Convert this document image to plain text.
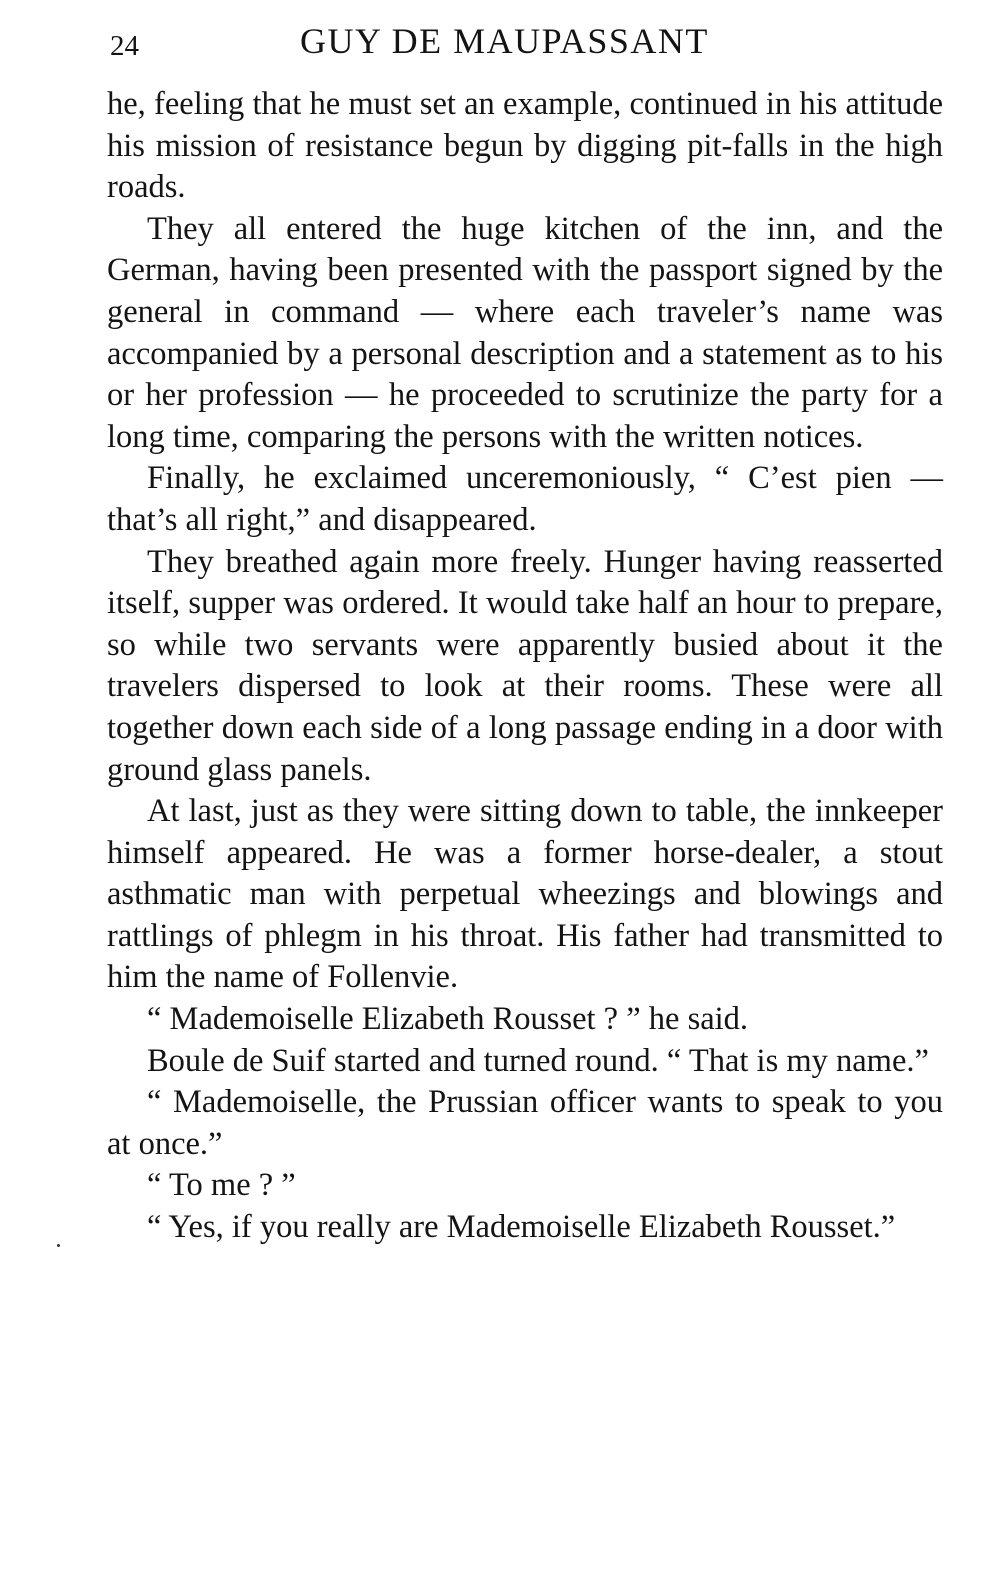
24	GUY DE MAUPASSANT

he, feeling that he must set an example, continued in his attitude his mission of resistance begun by digging pit-falls in the high roads.

They all entered the huge kitchen of the inn, and the German, having been presented with the passport signed by the general in command — where each traveler’s name was accompanied by a personal description and a statement as to his or her profession — he proceeded to scrutinize the party for a long time, comparing the persons with the written notices.

Finally, he exclaimed unceremoniously, “ C’est pien — that’s all right,” and disappeared.

They breathed again more freely. Hunger having reasserted itself, supper was ordered. It would take half an hour to prepare, so while two servants were apparently busied about it the travelers dispersed to look at their rooms. These were all together down each side of a long passage ending in a door with ground glass panels.

At last, just as they were sitting down to table, the innkeeper himself appeared. He was a former horse-dealer, a stout asthmatic man with perpetual wheezings and blowings and rattlings of phlegm in his throat. His father had transmitted to him the name of Follenvie.

“ Mademoiselle Elizabeth Rousset ? ” he said.

Boule de Suif started and turned round. “ That is my name.”

“ Mademoiselle, the Prussian officer wants to speak to you at once.”

“ To me ? ”

“ Yes, if you really are Mademoiselle Elizabeth Rousset.”
